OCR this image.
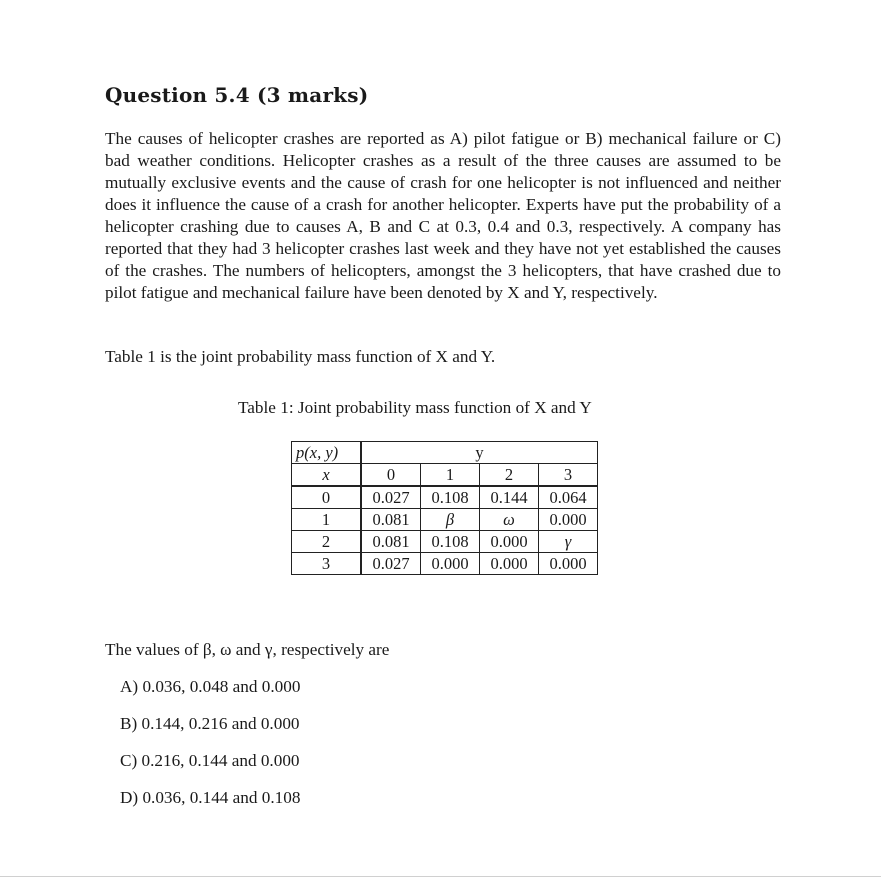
Question 5.4 (3 marks)
The causes of helicopter crashes are reported as A) pilot fatigue or B) mechanical failure or C) bad weather conditions. Helicopter crashes as a result of the three causes are assumed to be mutually exclusive events and the cause of crash for one helicopter is not influenced and neither does it influence the cause of a crash for another helicopter. Experts have put the probability of a helicopter crashing due to causes A, B and C at 0.3, 0.4 and 0.3, respectively. A company has reported that they had 3 helicopter crashes last week and they have not yet established the causes of the crashes. The numbers of helicopters, amongst the 3 helicopters, that have crashed due to pilot fatigue and mechanical failure have been denoted by X and Y, respectively.
Table 1 is the joint probability mass function of X and Y.
Table 1: Joint probability mass function of X and Y
p(x, y)	y			
x	0	1	2	3
0	0.027	0.108	0.144	0.064
1	0.081	β	ω	0.000
2	0.081	0.108	0.000	γ
3	0.027	0.000	0.000	0.000
The values of β, ω and γ, respectively are
A) 0.036, 0.048 and 0.000
B) 0.144, 0.216 and 0.000
C) 0.216, 0.144 and 0.000
D) 0.036, 0.144 and 0.108
